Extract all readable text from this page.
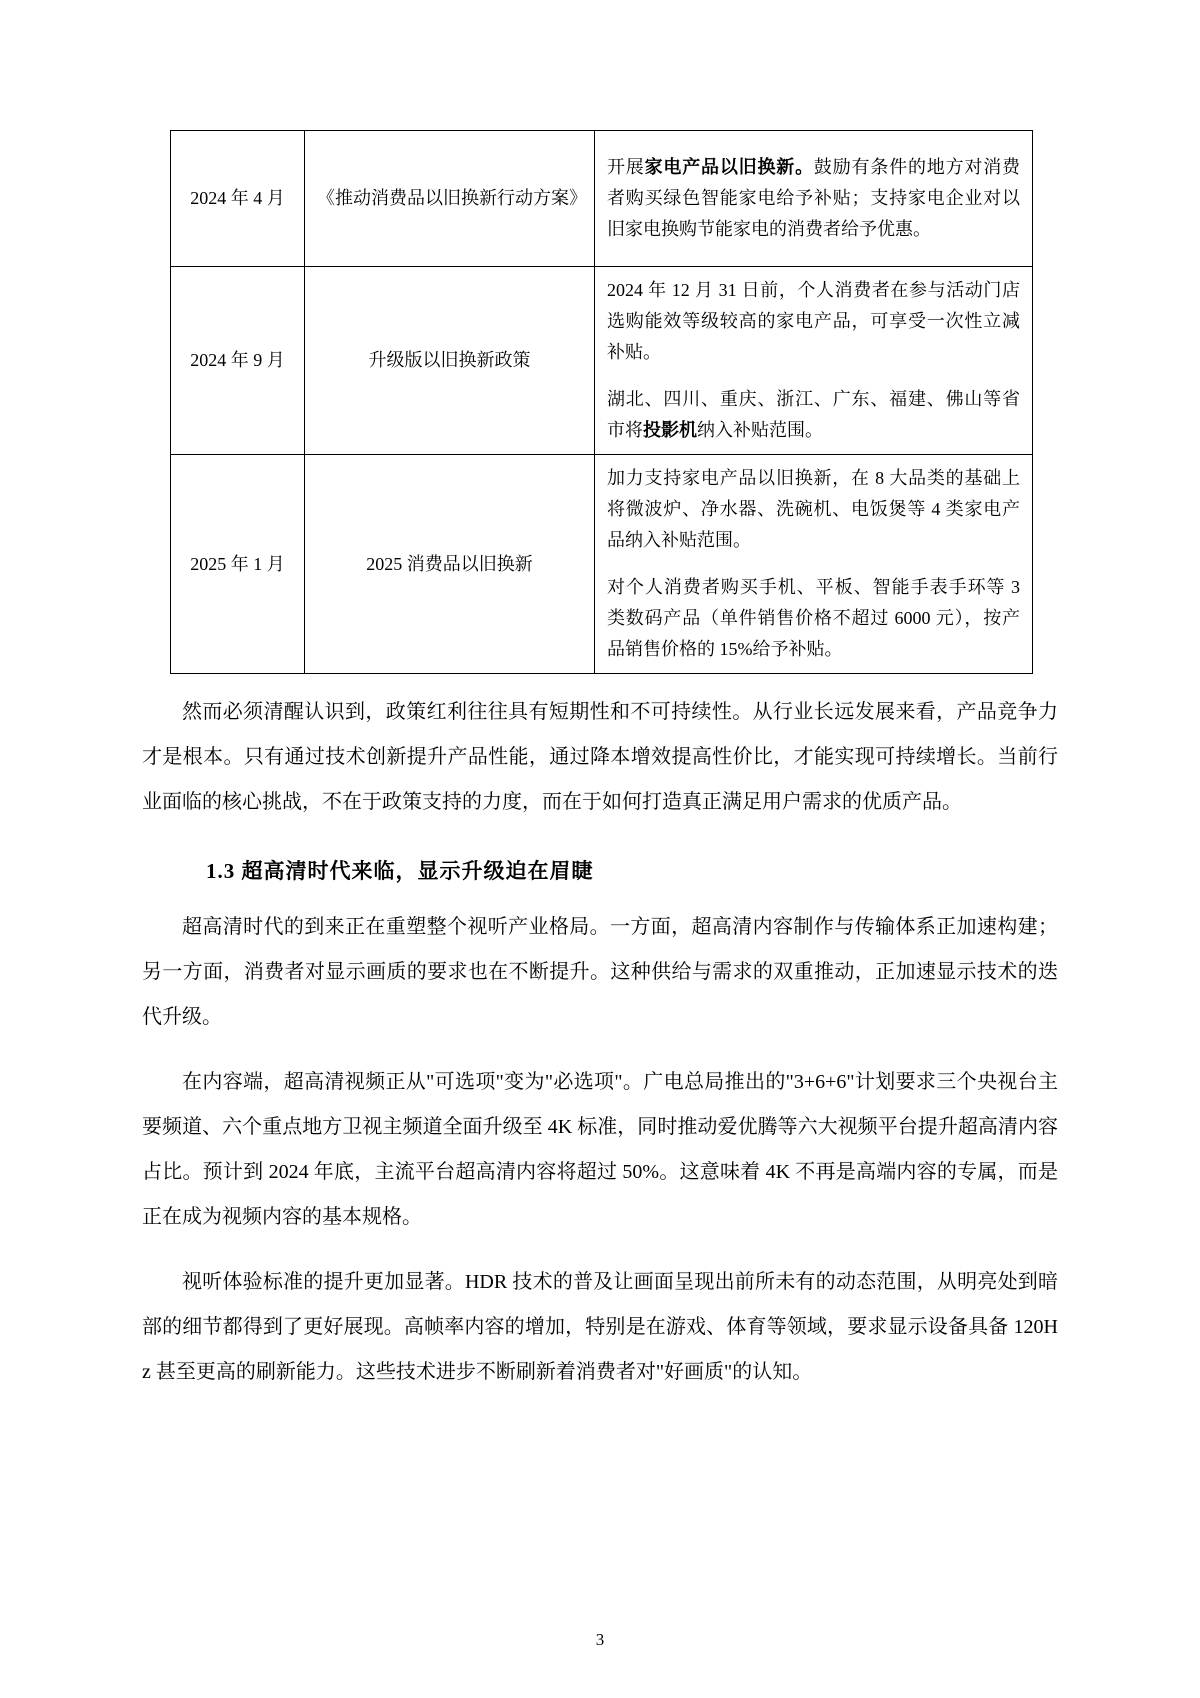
2024 年 4 月	《推动消费品以旧换新行动方案》	开展家电产品以旧换新。鼓励有条件的地方对消费者购买绿色智能家电给予补贴；支持家电企业对以旧家电换购节能家电的消费者给予优惠。

2024 年 9 月	升级版以旧换新政策	2024 年 12 月 31 日前，个人消费者在参与活动门店选购能效等级较高的家电产品，可享受一次性立减补贴。

湖北、四川、重庆、浙江、广东、福建、佛山等省市将投影机纳入补贴范围。

2025 年 1 月	2025 消费品以旧换新	加力支持家电产品以旧换新，在 8 大品类的基础上将微波炉、净水器、洗碗机、电饭煲等 4 类家电产品纳入补贴范围。

对个人消费者购买手机、平板、智能手表手环等 3 类数码产品（单件销售价格不超过 6000 元），按产品销售价格的 15%给予补贴。

然而必须清醒认识到，政策红利往往具有短期性和不可持续性。从行业长远发展来看，产品竞争力才是根本。只有通过技术创新提升产品性能，通过降本增效提高性价比，才能实现可持续增长。当前行业面临的核心挑战，不在于政策支持的力度，而在于如何打造真正满足用户需求的优质产品。

1.3 超高清时代来临，显示升级迫在眉睫

超高清时代的到来正在重塑整个视听产业格局。一方面，超高清内容制作与传输体系正加速构建；另一方面，消费者对显示画质的要求也在不断提升。这种供给与需求的双重推动，正加速显示技术的迭代升级。

在内容端，超高清视频正从"可选项"变为"必选项"。广电总局推出的"3+6+6"计划要求三个央视台主要频道、六个重点地方卫视主频道全面升级至 4K 标准，同时推动爱优腾等六大视频平台提升超高清内容占比。预计到 2024 年底，主流平台超高清内容将超过 50%。这意味着 4K 不再是高端内容的专属，而是正在成为视频内容的基本规格。

视听体验标准的提升更加显著。HDR 技术的普及让画面呈现出前所未有的动态范围，从明亮处到暗部的细节都得到了更好展现。高帧率内容的增加，特别是在游戏、体育等领域，要求显示设备具备 120Hz 甚至更高的刷新能力。这些技术进步不断刷新着消费者对"好画质"的认知。

3
